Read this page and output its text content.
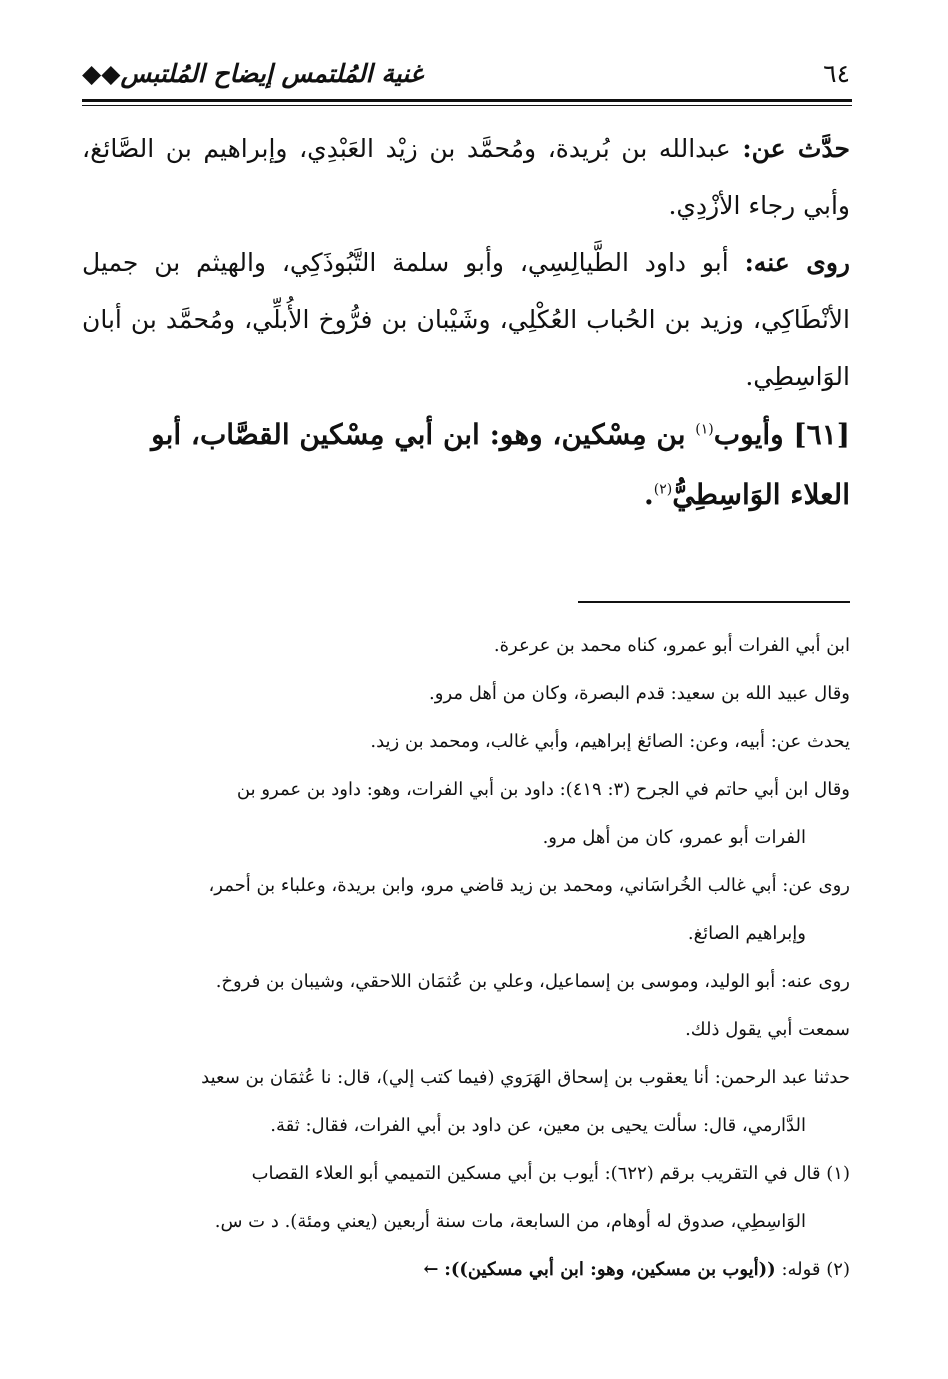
٦٤
غنية المُلتمس إيضاح المُلتبس◆◆

حدَّث عن: عبدالله بن بُريدة، ومُحمَّد بن زيْد العَبْدِي، وإبراهيم بن الصَّائغ، وأبي رجاء الأزْدِي.

روى عنه: أبو داود الطَّيالِسِي، وأبو سلمة التَّبُوذَكِي، والهيثم بن جميل الأنْطَاكِي، وزيد بن الحُباب العُكْلِي، وشَيْبان بن فرُّوخ الأُبلِّي، ومُحمَّد بن أبان الوَاسِطِي.

[٦١] وأيوب$^{(١)}$ بن مِسْكين، وهو: ابن أبي مِسْكين القصَّاب، أبو العلاء الوَاسِطِيُّ$^{(٢)}$.

ابن أبي الفرات أبو عمرو، كناه محمد بن عرعرة.

وقال عبيد الله بن سعيد: قدم البصرة، وكان من أهل مرو.

يحدث عن: أبيه، وعن: الصائغ إبراهيم، وأبي غالب، ومحمد بن زيد.

وقال ابن أبي حاتم في الجرح (٣: ٤١٩): داود بن أبي الفرات، وهو: داود بن عمرو بن

الفرات أبو عمرو، كان من أهل مرو.

روى عن: أبي غالب الخُراسَاني، ومحمد بن زيد قاضي مرو، وابن بريدة، وعلباء بن أحمر،

وإبراهيم الصائغ.

روى عنه: أبو الوليد، وموسى بن إسماعيل، وعلي بن عُثمَان اللاحقي، وشيبان بن فروخ.

سمعت أبي يقول ذلك.

حدثنا عبد الرحمن: أنا يعقوب بن إسحاق الهَرَوي (فيما كتب إلي)، قال: نا عُثمَان بن سعيد

الدَّارمي، قال: سألت يحيى بن معين، عن داود بن أبي الفرات، فقال: ثقة.

(١) قال في التقريب برقم (٦٢٢): أيوب بن أبي مسكين التميمي أبو العلاء القصاب

الوَاسِطِي، صدوق له أوهام، من السابعة، مات سنة أربعين (يعني ومئة). د ت س.

(٢) قوله: ((أيوب بن مسكين، وهو: ابن أبي مسكين)): ←
